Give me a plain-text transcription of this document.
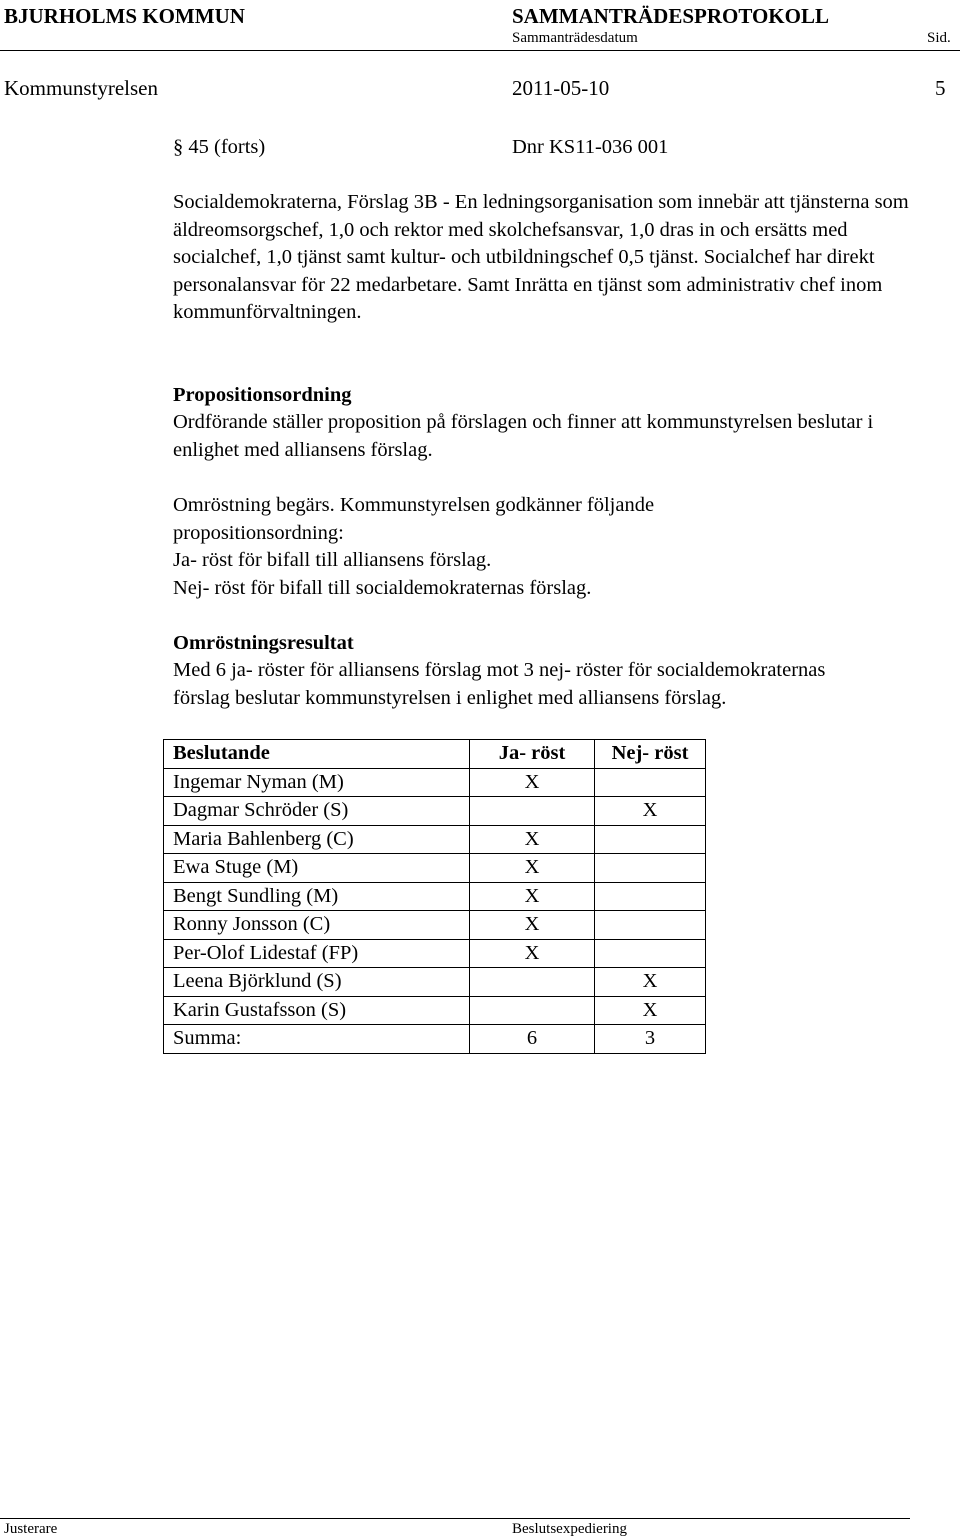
BJURHOLMS KOMMUN	SAMMANTRÄDESPROTOKOLL
Sammanträdesdatum	Sid.
Kommunstyrelsen	2011-05-10	5
§ 45 (forts)	Dnr KS11-036 001
Socialdemokraterna, Förslag 3B - En ledningsorganisation som innebär att tjänsterna som äldreomsorgschef, 1,0 och rektor med skolchefsansvar, 1,0 dras in och ersätts med socialchef, 1,0 tjänst samt kultur- och utbildningschef 0,5 tjänst. Socialchef har direkt personalansvar för 22 medarbetare. Samt Inrätta en tjänst som administrativ chef inom kommunförvaltningen.
Propositionsordning
Ordförande ställer proposition på förslagen och finner att kommunstyrelsen beslutar i enlighet med alliansens förslag.
Omröstning begärs. Kommunstyrelsen godkänner följande propositionsordning:
Ja- röst för bifall till alliansens förslag.
Nej- röst för bifall till socialdemokraternas förslag.
Omröstningsresultat
Med 6 ja- röster för alliansens förslag mot 3 nej- röster för socialdemokraternas förslag beslutar kommunstyrelsen i enlighet med alliansens förslag.
Beslutande	Ja- röst	Nej- röst
Ingemar Nyman (M)	X	
Dagmar Schröder (S)		X
Maria Bahlenberg (C)	X	
Ewa Stuge (M)	X	
Bengt Sundling (M)	X	
Ronny Jonsson (C)	X	
Per-Olof Lidestaf (FP)	X	
Leena Björklund (S)		X
Karin Gustafsson (S)		X
Summa:	6	3
Justerare	Beslutsexpediering
